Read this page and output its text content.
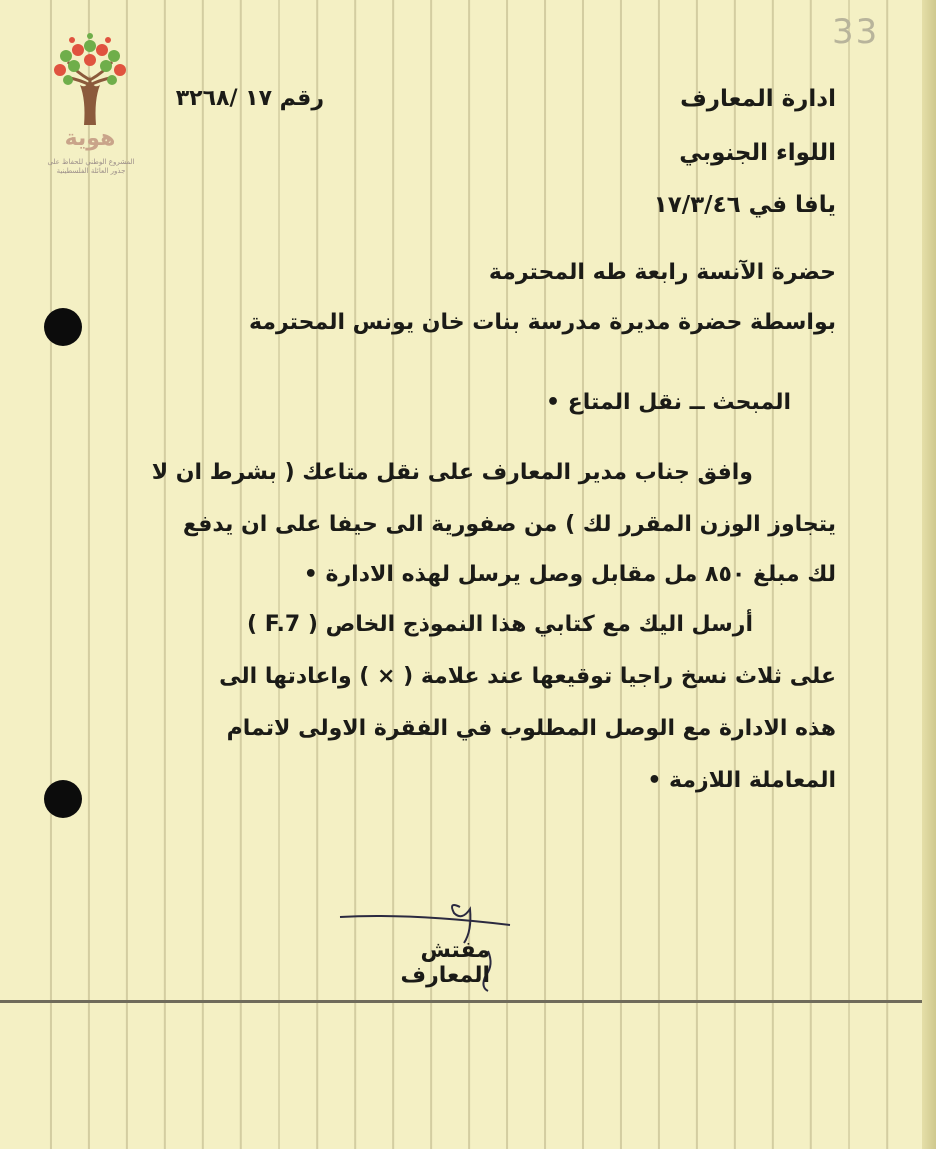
33
هوية
المشروع الوطني للحفاظ على
جذور العائلة الفلسطينية
ادارة المعارف
اللواء الجنوبي
يافا في ١٧/٣/٤٦
رقم ١٧ /٣٢٦٨
حضرة الآنسة رابعة طه المحترمة
بواسطة حضرة مديرة مدرسة بنات خان يونس المحترمة
المبحث ــ نقل المتاع •
وافق جناب مدير المعارف على نقل متاعك ( بشرط ان لا
يتجاوز الوزن المقرر لك ) من صفورية الى حيفا على ان يدفع
لك مبلغ ٨٥٠ مل مقابل وصل يرسل لهذه الادارة •
أرسل اليك مع كتابي هذا النموذج الخاص ( F.7 )
على ثلاث نسخ راجيا توقيعها عند علامة ( × ) واعادتها الى
هذه الادارة مع الوصل المطلوب في الفقرة الاولى لاتمام
المعاملة اللازمة •
مفتش المعارف
